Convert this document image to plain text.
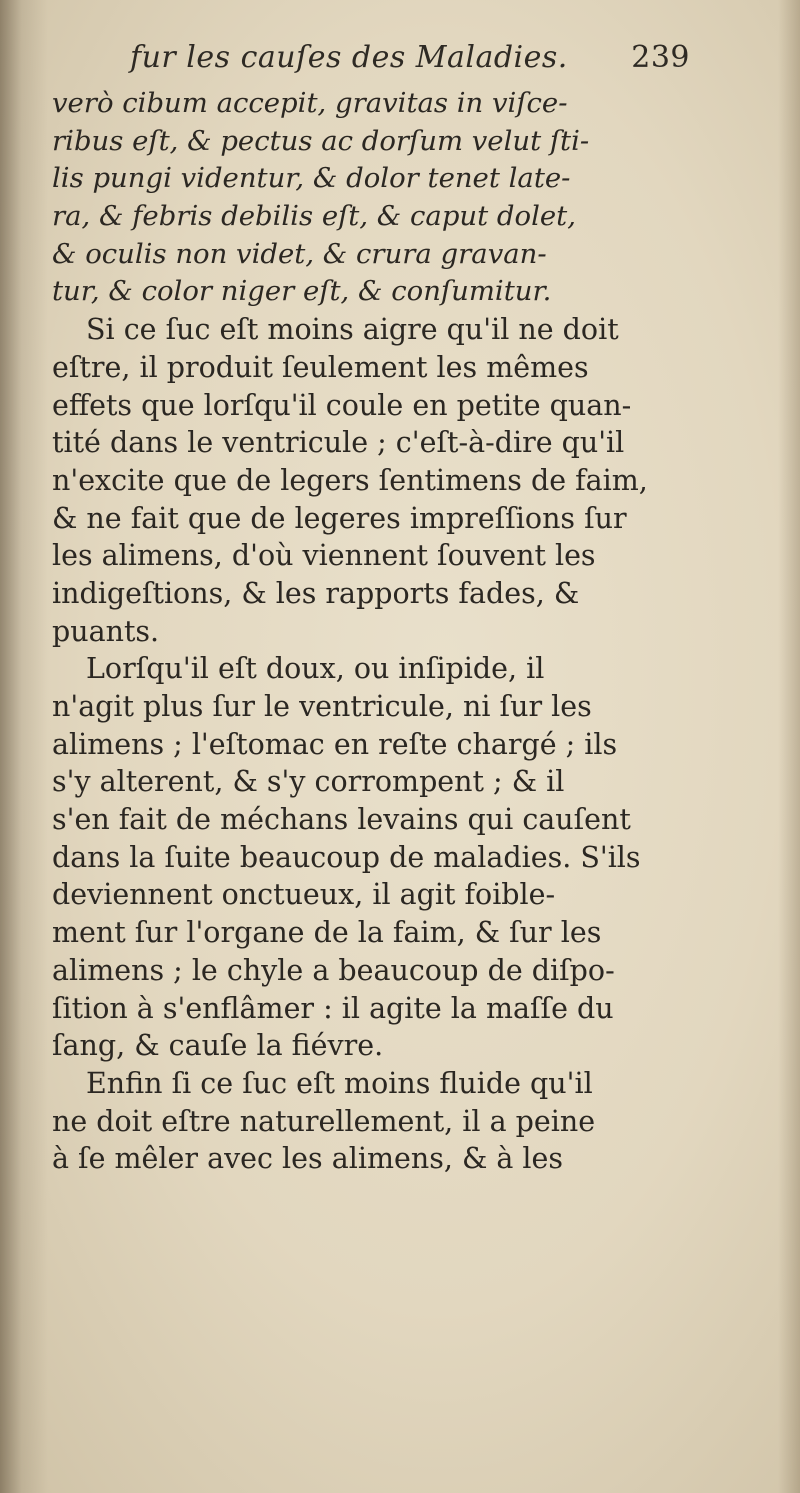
fur les cauſes des Maladies. 239
verò cibum accepit, gravitas in viſce-
ribus eſt, & pectus ac dorſum velut ſti-
lis pungi videntur, & dolor tenet late-
ra, & febris debilis eſt, & caput dolet,
& oculis non videt, & crura gravan-
tur, & color niger eſt, & conſumitur.
Si ce ſuc eſt moins aigre qu'il ne doit
eſtre, il produit ſeulement les mêmes
effets que lorſqu'il coule en petite quan-
tité dans le ventricule ; c'eſt-à-dire qu'il
n'excite que de legers ſentimens de faim,
& ne fait que de legeres impreſſions ſur
les alimens, d'où viennent ſouvent les
indigeſtions, & les rapports fades, &
puants.
Lorſqu'il eſt doux, ou inſipide, il
n'agit plus ſur le ventricule, ni ſur les
alimens ; l'eſtomac en reſte chargé ; ils
s'y alterent, & s'y corrompent ; & il
s'en fait de méchans levains qui cauſent
dans la ſuite beaucoup de maladies. S'ils
deviennent onctueux, il agit foible-
ment ſur l'organe de la faim, & ſur les
alimens ; le chyle a beaucoup de diſpo-
ſition à s'enflâmer : il agite la maſſe du
ſang, & cauſe la fiévre.
Enfin ſi ce ſuc eſt moins fluide qu'il
ne doit eſtre naturellement, il a peine
à ſe mêler avec les alimens, & à les
